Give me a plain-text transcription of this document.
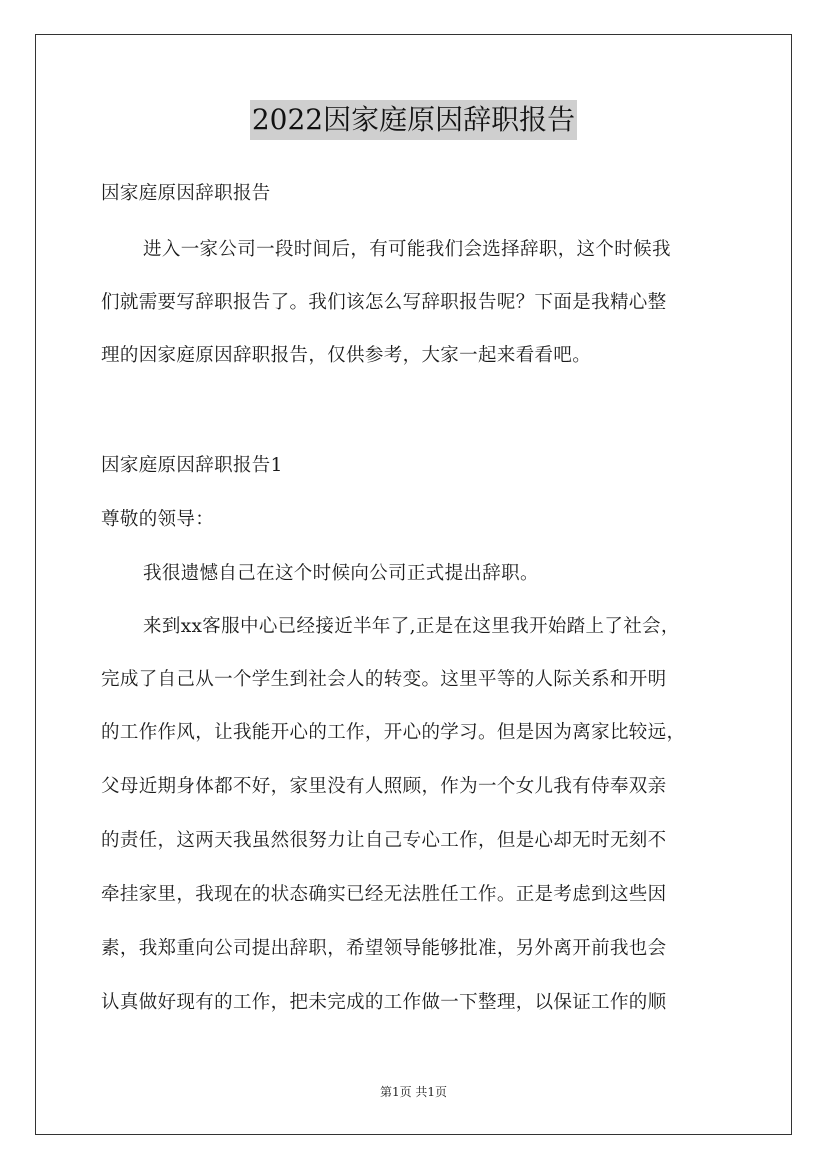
2022因家庭原因辞职报告
因家庭原因辞职报告
进入一家公司一段时间后，有可能我们会选择辞职，这个时候我
们就需要写辞职报告了。我们该怎么写辞职报告呢？下面是我精心整
理的因家庭原因辞职报告，仅供参考，大家一起来看看吧。
因家庭原因辞职报告1
尊敬的领导：
我很遗憾自己在这个时候向公司正式提出辞职。
来到xx客服中心已经接近半年了,正是在这里我开始踏上了社会，
完成了自己从一个学生到社会人的转变。这里平等的人际关系和开明
的工作作风，让我能开心的工作，开心的学习。但是因为离家比较远，
父母近期身体都不好，家里没有人照顾，作为一个女儿我有侍奉双亲
的责任，这两天我虽然很努力让自己专心工作，但是心却无时无刻不
牵挂家里，我现在的状态确实已经无法胜任工作。正是考虑到这些因
素，我郑重向公司提出辞职，希望领导能够批准，另外离开前我也会
认真做好现有的工作，把未完成的工作做一下整理，以保证工作的顺
第1页 共1页
